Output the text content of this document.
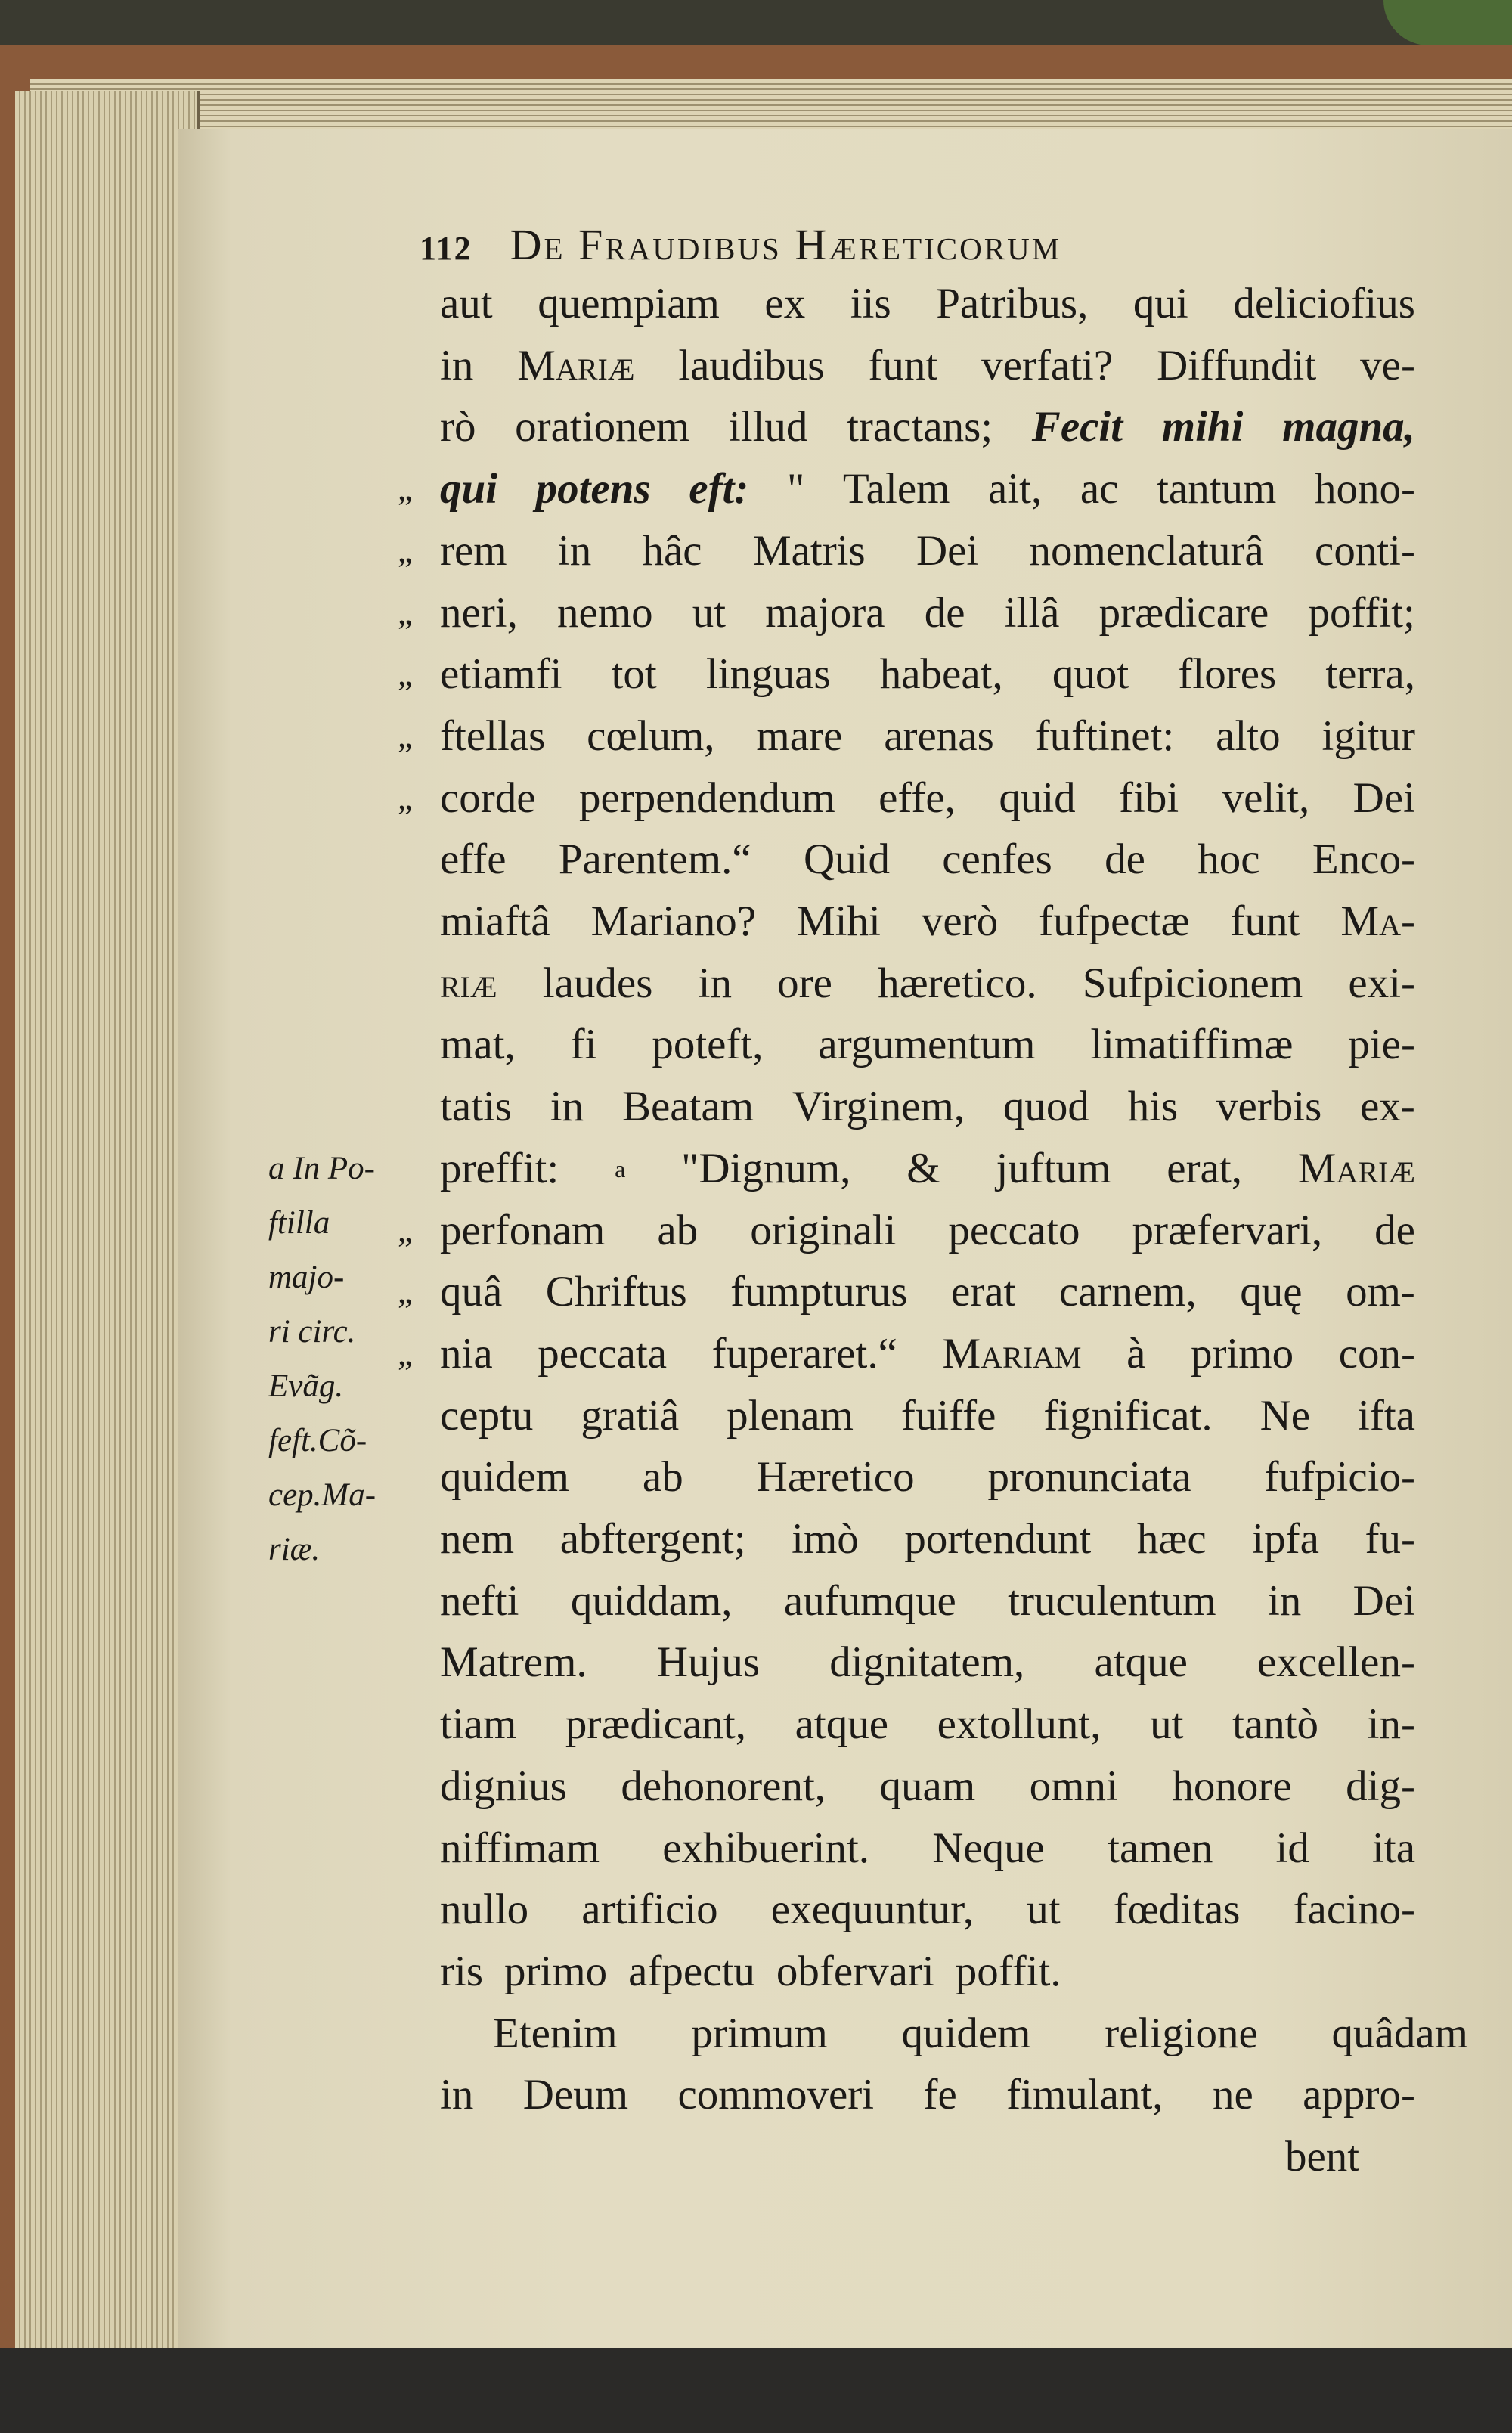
112 De Fraudibus Hæreticorum
aut quempiam ex iis Patribus, qui deliciofius
in Mariæ laudibus funt verfati? Diffundit ve-
rò orationem illud tractans; Fecit mihi magna,
qui potens eft: " Talem ait, ac tantum hono-
rem in hâc Matris Dei nomenclaturâ conti-
neri, nemo ut majora de illâ prædicare poffit;
etiamfi tot linguas habeat, quot flores terra,
ftellas cœlum, mare arenas fuftinet: alto igitur
corde perpendendum effe, quid fibi velit, Dei
effe Parentem.“ Quid cenfes de hoc Enco-
miaftâ Mariano? Mihi verò fufpectæ funt Ma-
riæ laudes in ore hæretico. Sufpicionem exi-
mat, fi poteft, argumentum limatiffimæ pie-
tatis in Beatam Virginem, quod his verbis ex-
preffit: a "Dignum, & juftum erat, Mariæ
perfonam ab originali peccato præfervari, de
quâ Chriftus fumpturus erat carnem, quę om-
nia peccata fuperaret.“ Mariam à primo con-
ceptu gratiâ plenam fuiffe fignificat. Ne ifta
quidem ab Hæretico pronunciata fufpicio-
nem abftergent; imò portendunt hæc ipfa fu-
nefti quiddam, aufumque truculentum in Dei
Matrem. Hujus dignitatem, atque excellen-
tiam prædicant, atque extollunt, ut tantò in-
dignius dehonorent, quam omni honore dig-
niffimam exhibuerint. Neque tamen id ita
nullo artificio exequuntur, ut fœditas facino-
ris primo afpectu obfervari poffit.
Etenim primum quidem religione quâdam
in Deum commoveri fe fimulant, ne appro-
bent
„
„
„
„
„
„
„
„
„
a In Po-
ftilla
majo-
ri circ.
Evãg.
feft.Cõ-
cep.Ma-
riæ.
